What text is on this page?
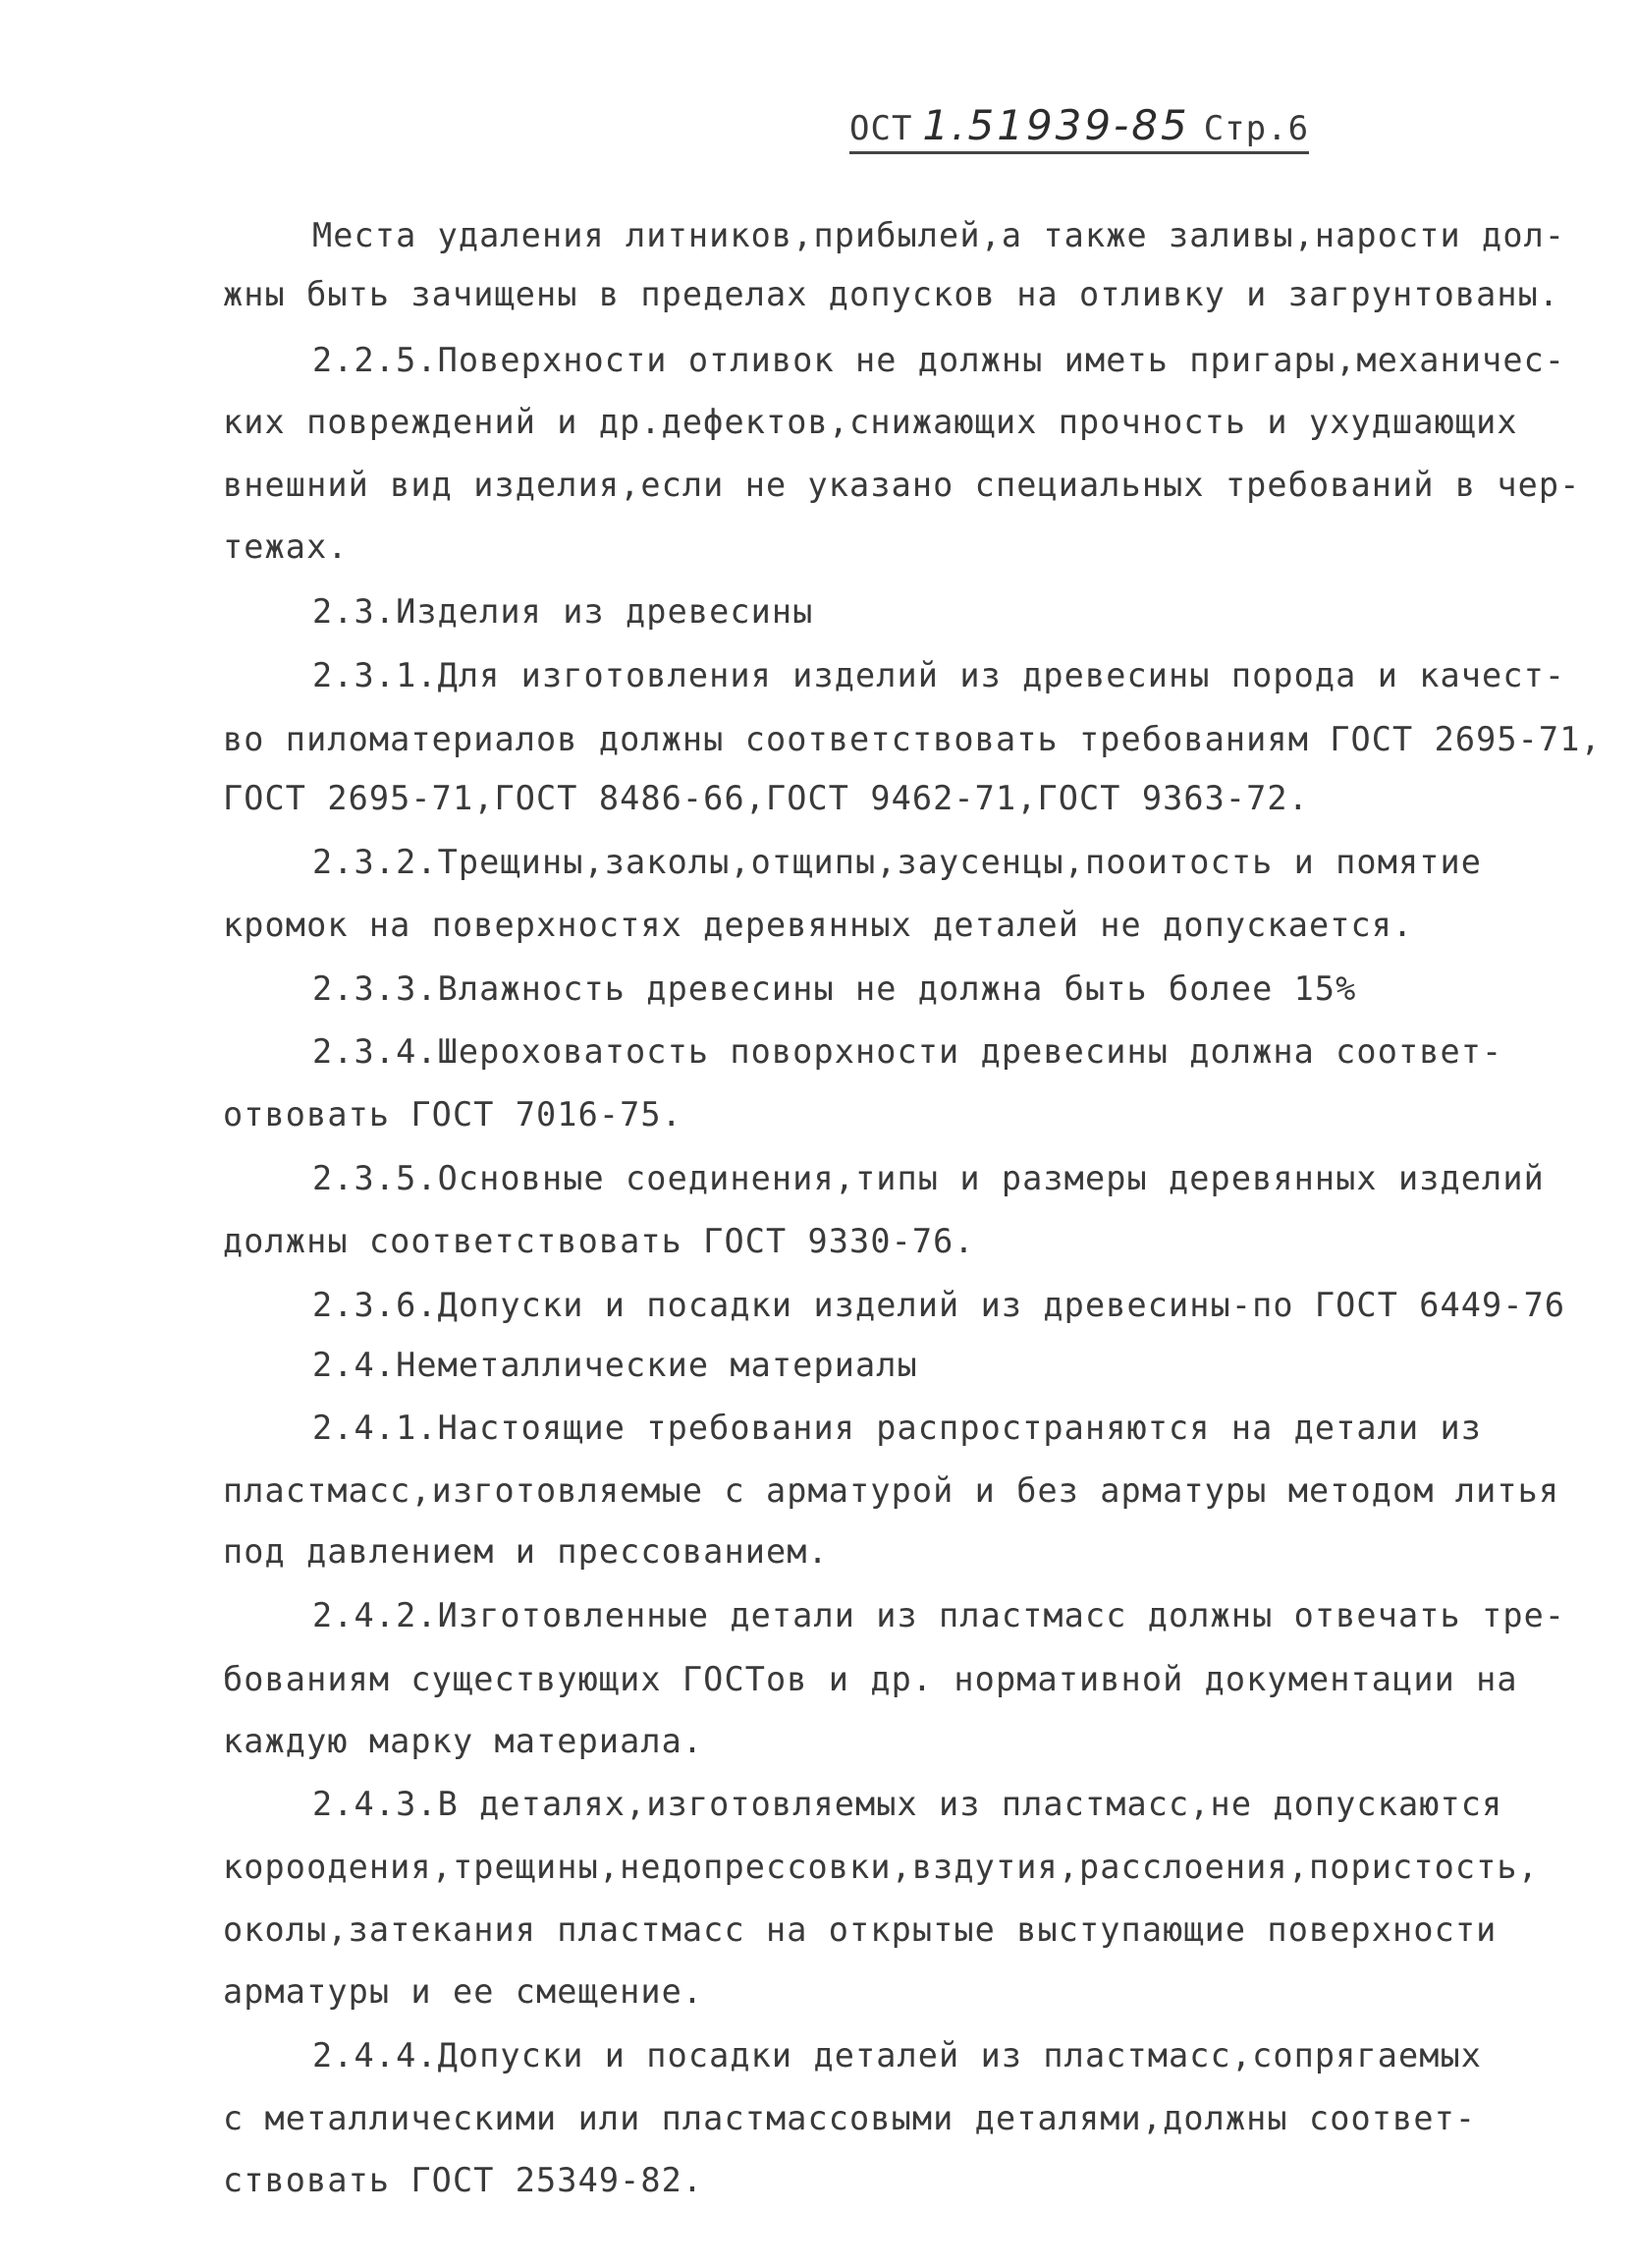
ОСТ 1.51939-85 Стр.6
Места удаления литников,прибылей,а также заливы,нарости дол-
жны быть зачищены в пределах допусков на отливку и загрунтованы.
2.2.5.Поверхности отливок не должны иметь пригары,механичес-
ких повреждений и др.дефектов,снижающих прочность и ухудшающих
внешний вид изделия,если не указано специальных требований в чер-
тежах.
2.3.Изделия из древесины
2.3.1.Для изготовления изделий из древесины порода и качест-
во пиломатериалов должны соответствовать требованиям ГОСТ 2695-71,
ГОСТ 2695-71,ГОСТ 8486-66,ГОСТ 9462-71,ГОСТ 9363-72.
2.3.2.Трещины,заколы,отщипы,заусенцы,пооитость и помятие
кромок на поверхностях деревянных деталей не допускается.
2.3.3.Влажность древесины не должна быть более 15%
2.3.4.Шероховатость поворхности древесины должна соответ-
отвовать ГОСТ 7016-75.
2.3.5.Основные соединения,типы и размеры деревянных изделий
должны соответствовать ГОСТ 9330-76.
2.3.6.Допуски и посадки изделий из древесины-по ГОСТ 6449-76
2.4.Неметаллические материалы
2.4.1.Настоящие требования распространяются на детали из
пластмасс,изготовляемые с арматурой и без арматуры методом литья
под давлением и прессованием.
2.4.2.Изготовленные детали из пластмасс должны отвечать тре-
бованиям существующих ГОСТов и др. нормативной документации на
каждую марку материала.
2.4.3.В деталях,изготовляемых из пластмасс,не допускаются
короодения,трещины,недопрессовки,вздутия,расслоения,пористость,
околы,затекания пластмасс на открытые выступающие поверхности
арматуры и ее смещение.
2.4.4.Допуски и посадки деталей из пластмасс,сопрягаемых
с металлическими или пластмассовыми деталями,должны соответ-
ствовать ГОСТ 25349-82.
